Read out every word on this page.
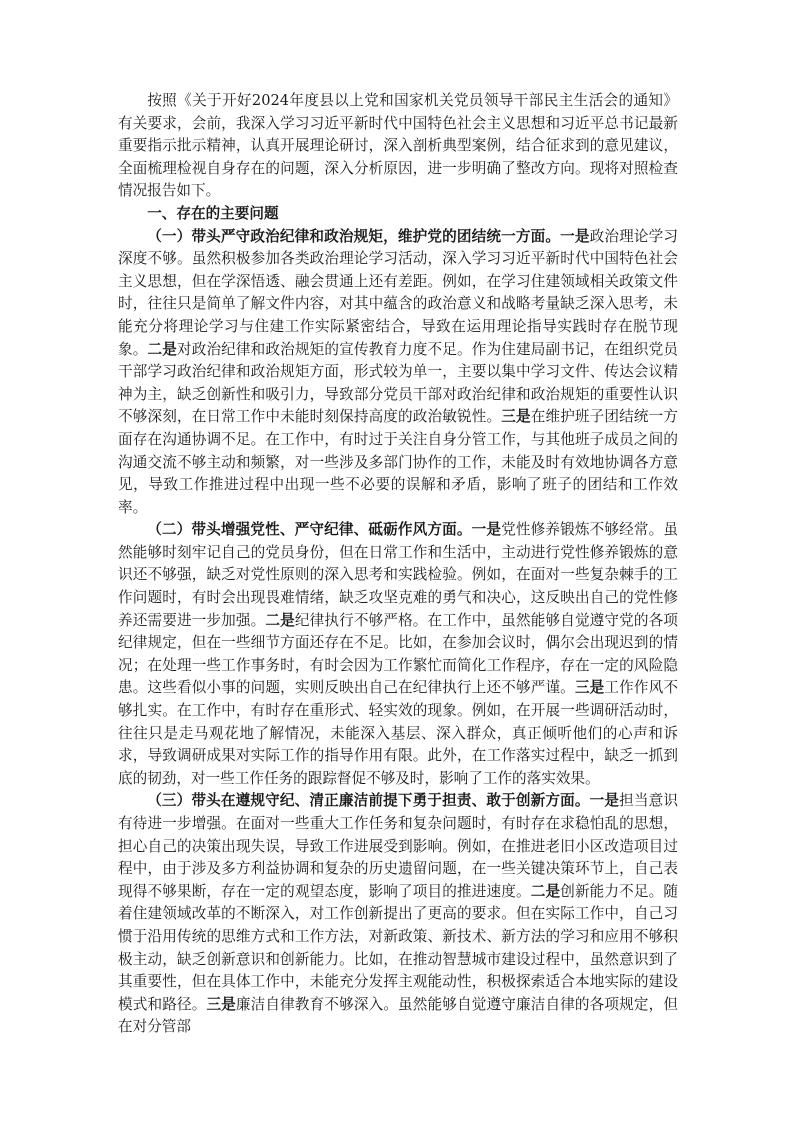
按照《关于开好2024年度县以上党和国家机关党员领导干部民主生活会的通知》有关要求，会前，我深入学习习近平新时代中国特色社会主义思想和习近平总书记最新重要指示批示精神，认真开展理论研讨，深入剖析典型案例，结合征求到的意见建议，全面梳理检视自身存在的问题，深入分析原因，进一步明确了整改方向。现将对照检查情况报告如下。

一、存在的主要问题

（一）带头严守政治纪律和政治规矩，维护党的团结统一方面。一是政治理论学习深度不够。虽然积极参加各类政治理论学习活动，深入学习习近平新时代中国特色社会主义思想，但在学深悟透、融会贯通上还有差距。例如，在学习住建领域相关政策文件时，往往只是简单了解文件内容，对其中蕴含的政治意义和战略考量缺乏深入思考，未能充分将理论学习与住建工作实际紧密结合，导致在运用理论指导实践时存在脱节现象。二是对政治纪律和政治规矩的宣传教育力度不足。作为住建局副书记，在组织党员干部学习政治纪律和政治规矩方面，形式较为单一，主要以集中学习文件、传达会议精神为主，缺乏创新性和吸引力，导致部分党员干部对政治纪律和政治规矩的重要性认识不够深刻，在日常工作中未能时刻保持高度的政治敏锐性。三是在维护班子团结统一方面存在沟通协调不足。在工作中，有时过于关注自身分管工作，与其他班子成员之间的沟通交流不够主动和频繁，对一些涉及多部门协作的工作，未能及时有效地协调各方意见，导致工作推进过程中出现一些不必要的误解和矛盾，影响了班子的团结和工作效率。

（二）带头增强党性、严守纪律、砥砺作风方面。一是党性修养锻炼不够经常。虽然能够时刻牢记自己的党员身份，但在日常工作和生活中，主动进行党性修养锻炼的意识还不够强，缺乏对党性原则的深入思考和实践检验。例如，在面对一些复杂棘手的工作问题时，有时会出现畏难情绪，缺乏攻坚克难的勇气和决心，这反映出自己的党性修养还需要进一步加强。二是纪律执行不够严格。在工作中，虽然能够自觉遵守党的各项纪律规定，但在一些细节方面还存在不足。比如，在参加会议时，偶尔会出现迟到的情况；在处理一些工作事务时，有时会因为工作繁忙而简化工作程序，存在一定的风险隐患。这些看似小事的问题，实则反映出自己在纪律执行上还不够严谨。三是工作作风不够扎实。在工作中，有时存在重形式、轻实效的现象。例如，在开展一些调研活动时，往往只是走马观花地了解情况，未能深入基层、深入群众，真正倾听他们的心声和诉求，导致调研成果对实际工作的指导作用有限。此外，在工作落实过程中，缺乏一抓到底的韧劲，对一些工作任务的跟踪督促不够及时，影响了工作的落实效果。

（三）带头在遵规守纪、清正廉洁前提下勇于担责、敢于创新方面。一是担当意识有待进一步增强。在面对一些重大工作任务和复杂问题时，有时存在求稳怕乱的思想，担心自己的决策出现失误，导致工作进展受到影响。例如，在推进老旧小区改造项目过程中，由于涉及多方利益协调和复杂的历史遗留问题，在一些关键决策环节上，自己表现得不够果断，存在一定的观望态度，影响了项目的推进速度。二是创新能力不足。随着住建领域改革的不断深入，对工作创新提出了更高的要求。但在实际工作中，自己习惯于沿用传统的思维方式和工作方法，对新政策、新技术、新方法的学习和应用不够积极主动，缺乏创新意识和创新能力。比如，在推动智慧城市建设过程中，虽然意识到了其重要性，但在具体工作中，未能充分发挥主观能动性，积极探索适合本地实际的建设模式和路径。三是廉洁自律教育不够深入。虽然能够自觉遵守廉洁自律的各项规定，但在对分管部
